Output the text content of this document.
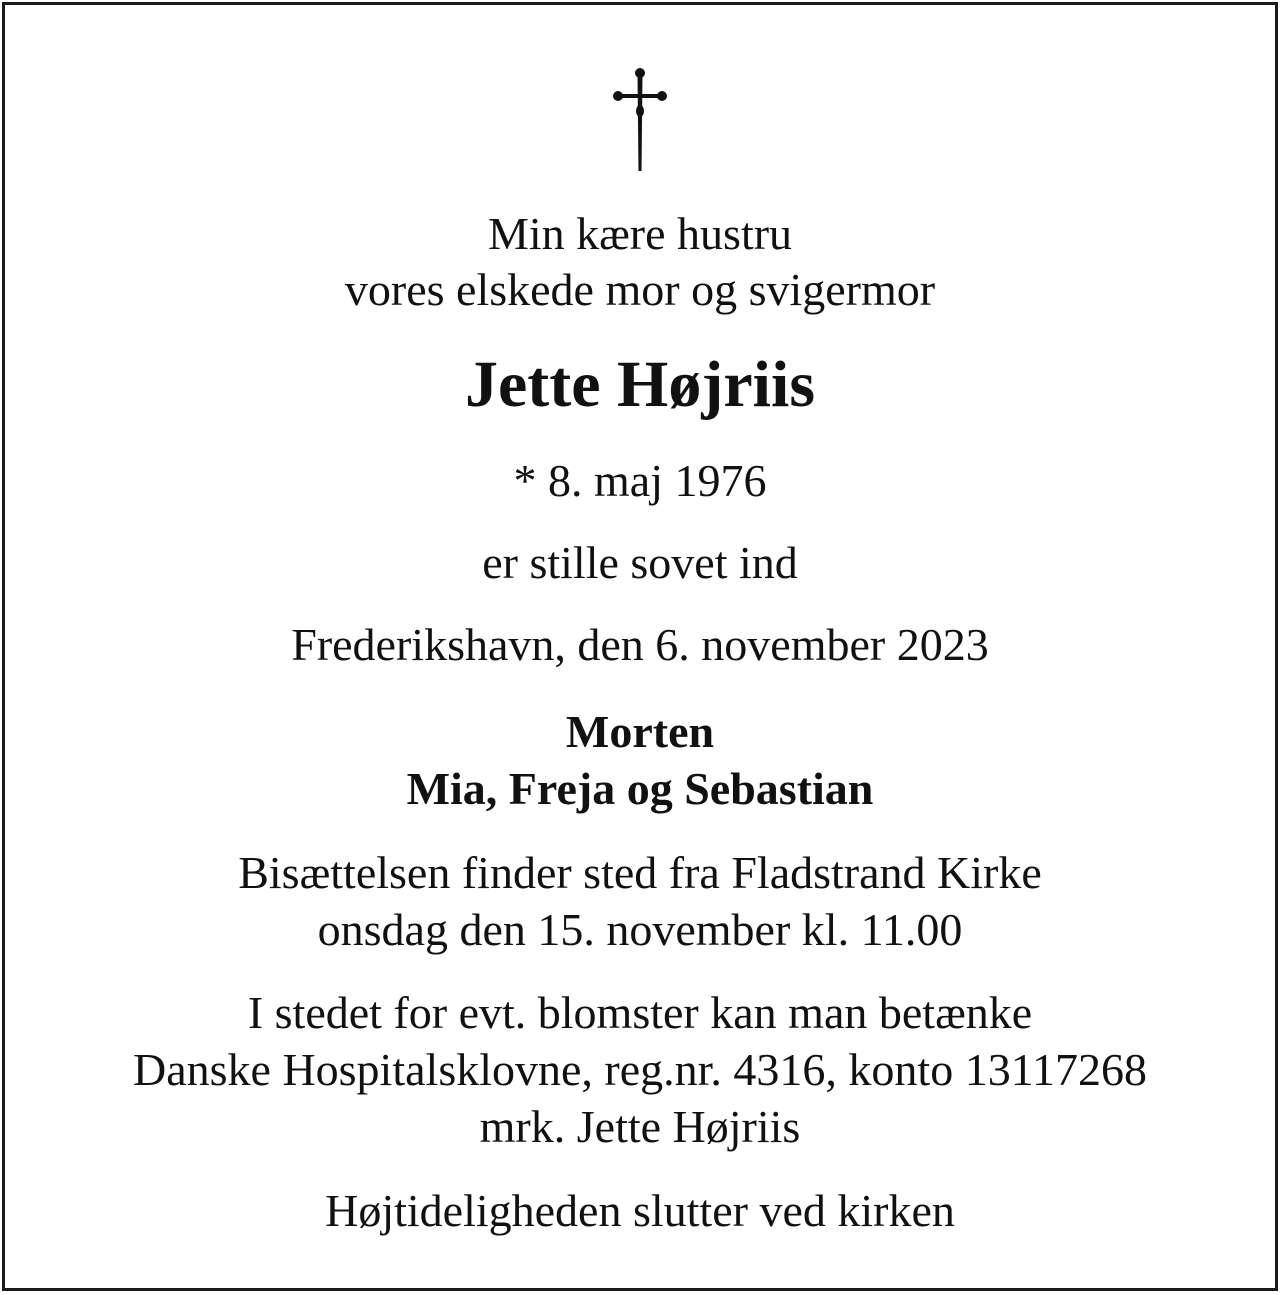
Min kære hustru
vores elskede mor og svigermor
Jette Højriis
* 8. maj 1976
er stille sovet ind
Frederikshavn, den 6. november 2023
Morten
Mia, Freja og Sebastian
Bisættelsen finder sted fra Fladstrand Kirke
onsdag den 15. november kl. 11.00
I stedet for evt. blomster kan man betænke
Danske Hospitalsklovne, reg.nr. 4316, konto 13117268
mrk. Jette Højriis
Højtideligheden slutter ved kirken
